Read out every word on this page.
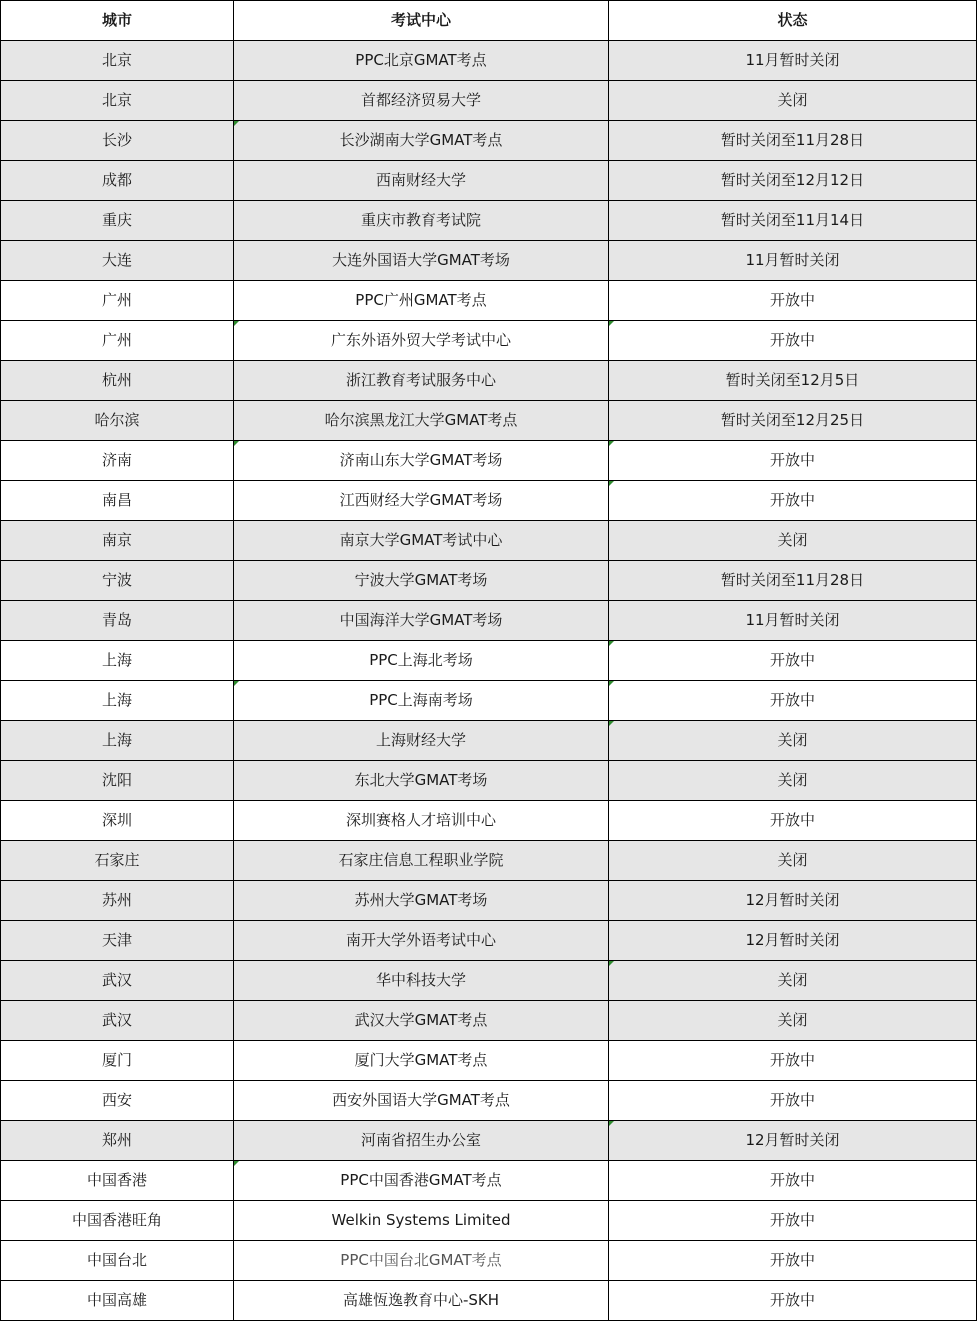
城市	考试中心	状态
北京	PPC北京GMAT考点	11月暂时关闭
北京	首都经济贸易大学	关闭
长沙	长沙湖南大学GMAT考点	暂时关闭至11月28日
成都	西南财经大学	暂时关闭至12月12日
重庆	重庆市教育考试院	暂时关闭至11月14日
大连	大连外国语大学GMAT考场	11月暂时关闭
广州	PPC广州GMAT考点	开放中
广州	广东外语外贸大学考试中心	开放中
杭州	浙江教育考试服务中心	暂时关闭至12月5日
哈尔滨	哈尔滨黑龙江大学GMAT考点	暂时关闭至12月25日
济南	济南山东大学GMAT考场	开放中
南昌	江西财经大学GMAT考场	开放中
南京	南京大学GMAT考试中心	关闭
宁波	宁波大学GMAT考场	暂时关闭至11月28日
青岛	中国海洋大学GMAT考场	11月暂时关闭
上海	PPC上海北考场	开放中
上海	PPC上海南考场	开放中
上海	上海财经大学	关闭
沈阳	东北大学GMAT考场	关闭
深圳	深圳赛格人才培训中心	开放中
石家庄	石家庄信息工程职业学院	关闭
苏州	苏州大学GMAT考场	12月暂时关闭
天津	南开大学外语考试中心	12月暂时关闭
武汉	华中科技大学	关闭
武汉	武汉大学GMAT考点	关闭
厦门	厦门大学GMAT考点	开放中
西安	西安外国语大学GMAT考点	开放中
郑州	河南省招生办公室	12月暂时关闭
中国香港	PPC中国香港GMAT考点	开放中
中国香港旺角	Welkin Systems Limited	开放中
中国台北	PPC中国台北GMAT考点	开放中
中国高雄	高雄恆逸教育中心-SKH	开放中
